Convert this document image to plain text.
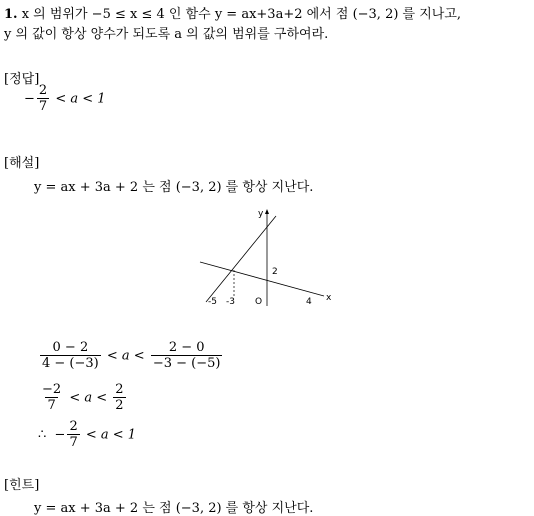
1. x 의 범위가 −5 ≤ x ≤ 4 인 함수 y = ax+3a+2 에서 점 (−3, 2) 를 지나고,
y 의 값이 항상 양수가 되도록 a 의 값의 범위를 구하여라.
[정답]
− $\frac{2}{7} < a < 1$
[해설]
y = ax + 3a + 2 는 점 (−3, 2) 를 항상 지난다.
y
x
-5 -3 O	4
2
$\frac{0 - 2}{4 - (-3)} < a < \frac{2 - 0}{-3 - (-5)}$
$\frac{-2}{7} < a < \frac{2}{2}$
∴ − $\frac{2}{7} < a < 1$
[힌트]
y = ax + 3a + 2 는 점 (−3, 2) 를 항상 지난다.
